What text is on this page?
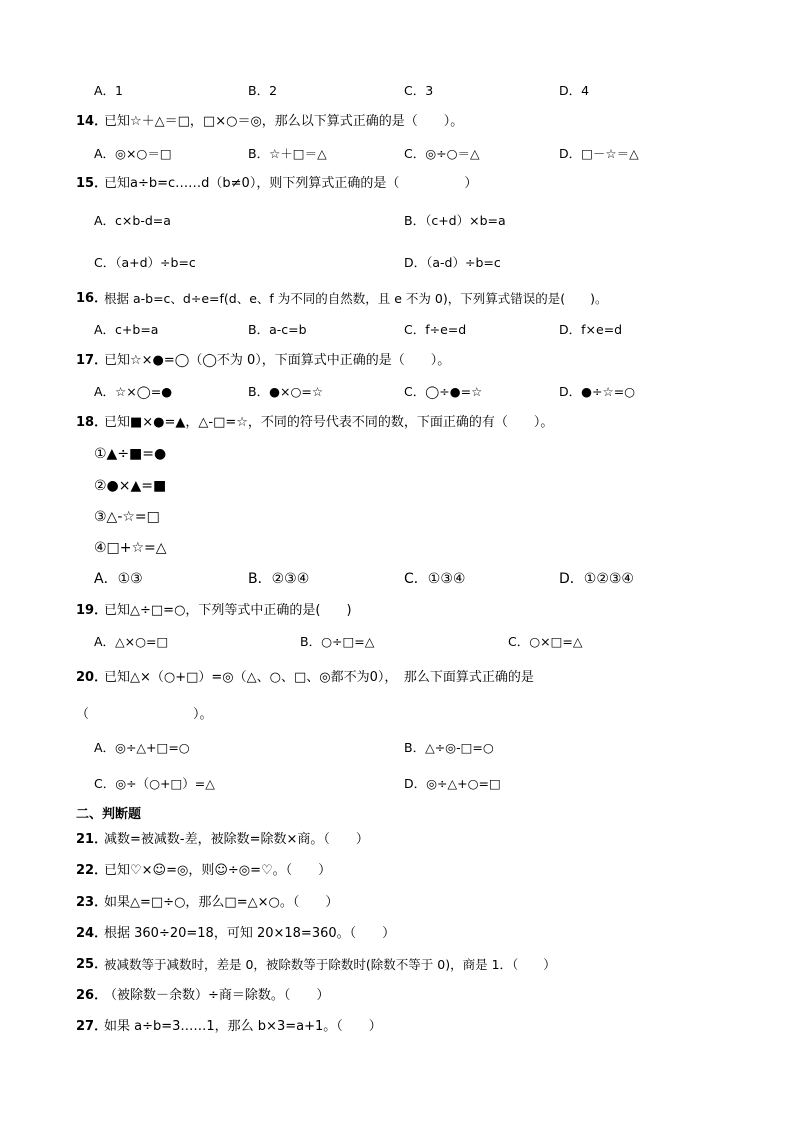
A．1	B．2	C．3	D．4
14．
已知☆＋△＝□，□×○＝◎，那么以下算式正确的是（　　）。
A．◎×○＝□	B．☆＋□＝△	C．◎÷○＝△	D．□－☆＝△
15．
已知a÷b=c……d（b≠0），则下列算式正确的是（　　　　　）
A．c×b-d=a	B．（c+d）×b=a
C．（a+d）÷b=c	D．（a-d）÷b=c
16．
根据 a-b=c、d÷e=f(d、e、f 为不同的自然数，且 e 不为 0)，下列算式错误的是(　　)。
A．c+b=a	B．a-c=b	C．f÷e=d	D．f×e=d
17．
已知☆×●=◯（◯不为 0），下面算式中正确的是（　　）。
A．☆×◯=●	B．●×○=☆	C．◯÷●=☆	D．●÷☆=○
18．
已知■×●=▲，△-□=☆，不同的符号代表不同的数，下面正确的有（　　）。
①▲÷■=●
②●×▲=■
③△-☆=□
④□+☆=△
A．①③	B．②③④	C．①③④	D．①②③④
19．
已知△÷□=○，下列等式中正确的是(　　)
A．△×○=□	B．○÷□=△	C．○×□=△
20．
已知△×（○+□）=◎（△、○、□、◎都不为0），　那么下面算式正确的是
（　　　　　　　　）。
A．◎÷△+□=○	B．△÷◎-□=○
C．◎÷（○+□）=△	D．◎÷△+○=□
二、判断题
21．
减数=被减数-差，被除数=除数×商。（　　）
22．
已知♡×☺=◎，则☺÷◎=♡。（　　）
23．
如果△=□÷○，那么□=△×○。（　　）
24．
根据 360÷20=18，可知 20×18=360。（　　）
25．
被减数等于减数时，差是 0，被除数等于除数时(除数不等于 0)，商是 1．（　　）
26．
（被除数－余数）÷商＝除数。（　　）
27．
如果 a÷b=3……1，那么 b×3=a+1。（　　）
